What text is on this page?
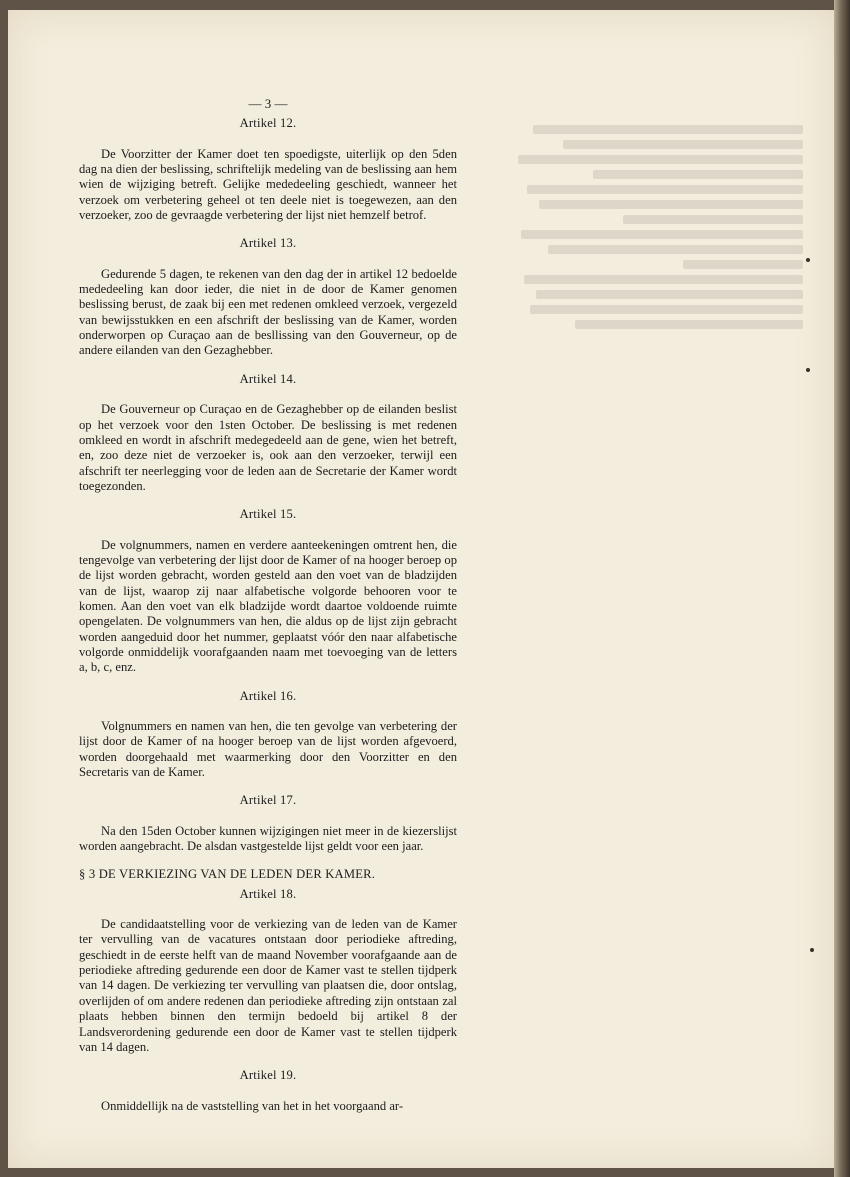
— 3 —
Artikel 12.
De Voorzitter der Kamer doet ten spoedigste, uiterlijk op den 5den dag na dien der beslissing, schriftelijk medeling van de beslissing aan hem wien de wijziging betreft. Gelijke mededeeling geschiedt, wanneer het verzoek om verbetering geheel ot ten deele niet is toegewezen, aan den verzoeker, zoo de gevraagde verbetering der lijst niet hemzelf betrof.
Artikel 13.
Gedurende 5 dagen, te rekenen van den dag der in artikel 12 bedoelde mededeeling kan door ieder, die niet in de door de Kamer genomen beslissing berust, de zaak bij een met redenen omkleed verzoek, vergezeld van bewijsstukken en een afschrift der beslissing van de Kamer, worden onderworpen op Curaçao aan de besllissing van den Gouverneur, op de andere eilanden van den Gezaghebber.
Artikel 14.
De Gouverneur op Curaçao en de Gezaghebber op de eilanden beslist op het verzoek voor den 1sten October. De beslissing is met redenen omkleed en wordt in afschrift medegedeeld aan de gene, wien het betreft, en, zoo deze niet de verzoeker is, ook aan den verzoeker, terwijl een afschrift ter neerlegging voor de leden aan de Secretarie der Kamer wordt toegezonden.
Artikel 15.
De volgnummers, namen en verdere aanteekeningen omtrent hen, die tengevolge van verbetering der lijst door de Kamer of na hooger beroep op de lijst worden gebracht, worden gesteld aan den voet van de bladzijden van de lijst, waarop zij naar alfabetische volgorde behooren voor te komen. Aan den voet van elk bladzijde wordt daartoe voldoende ruimte opengelaten. De volgnummers van hen, die aldus op de lijst zijn gebracht worden aangeduid door het nummer, geplaatst vóór den naar alfabetische volgorde onmiddelijk voorafgaanden naam met toevoeging van de letters a, b, c, enz.
Artikel 16.
Volgnummers en namen van hen, die ten gevolge van verbetering der lijst door de Kamer of na hooger beroep van de lijst worden afgevoerd, worden doorgehaald met waarmerking door den Voorzitter en den Secretaris van de Kamer.
Artikel 17.
Na den 15den October kunnen wijzigingen niet meer in de kiezerslijst worden aangebracht. De alsdan vastgestelde lijst geldt voor een jaar.
§ 3 DE VERKIEZING VAN DE LEDEN DER KAMER.
Artikel 18.
De candidaatstelling voor de verkiezing van de leden van de Kamer ter vervulling van de vacatures ontstaan door periodieke aftreding, geschiedt in de eerste helft van de maand November voorafgaande aan de periodieke aftreding gedurende een door de Kamer vast te stellen tijdperk van 14 dagen. De verkiezing ter vervulling van plaatsen die, door ontslag, overlijden of om andere redenen dan periodieke aftreding zijn ontstaan zal plaats hebben binnen den termijn bedoeld bij artikel 8 der Landsverordening gedurende een door de Kamer vast te stellen tijdperk van 14 dagen.
Artikel 19.
Onmiddellijk na de vaststelling van het in het voorgaand ar-
